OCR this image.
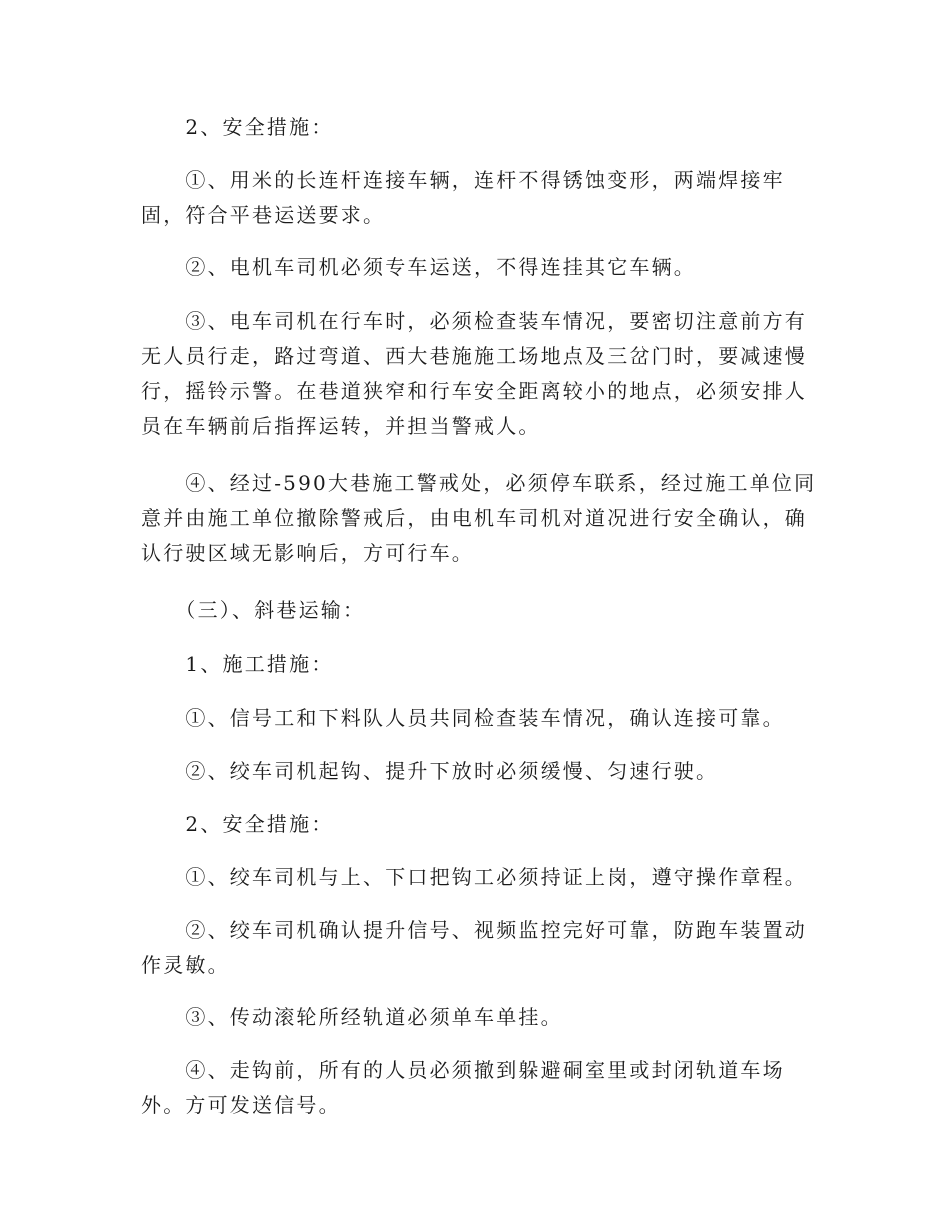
　　2、安全措施：

　　①、用米的长连杆连接车辆，连杆不得锈蚀变形，两端焊接牢
固，符合平巷运送要求。

　　②、电机车司机必须专车运送，不得连挂其它车辆。

　　③、电车司机在行车时，必须检查装车情况，要密切注意前方有
无人员行走，路过弯道、西大巷施施工场地点及三岔门时，要减速慢
行，摇铃示警。在巷道狭窄和行车安全距离较小的地点，必须安排人
员在车辆前后指挥运转，并担当警戒人。

　　④、经过-590大巷施工警戒处，必须停车联系，经过施工单位同
意并由施工单位撤除警戒后，由电机车司机对道况进行安全确认，确
认行驶区域无影响后，方可行车。

　　（三）、斜巷运输：

　　1、施工措施：

　　①、信号工和下料队人员共同检查装车情况，确认连接可靠。

　　②、绞车司机起钩、提升下放时必须缓慢、匀速行驶。

　　2、安全措施：

　　①、绞车司机与上、下口把钩工必须持证上岗，遵守操作章程。

　　②、绞车司机确认提升信号、视频监控完好可靠，防跑车装置动
作灵敏。

　　③、传动滚轮所经轨道必须单车单挂。

　　④、走钩前，所有的人员必须撤到躲避硐室里或封闭轨道车场
外。方可发送信号。
